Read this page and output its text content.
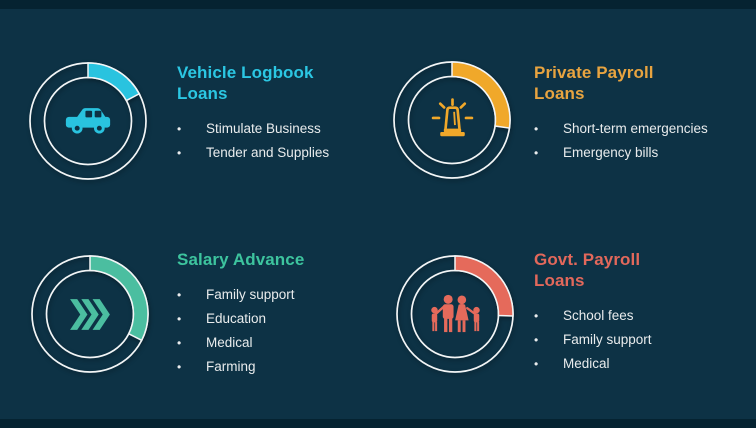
Vehicle Logbook Loans
•	Stimulate Business
•	Tender and Supplies
Private Payroll Loans
•	Short-term emergencies
•	Emergency bills
Salary Advance
•	Family support
•	Education
•	Medical
•	Farming
Govt. Payroll Loans
•	School fees
•	Family support
•	Medical
